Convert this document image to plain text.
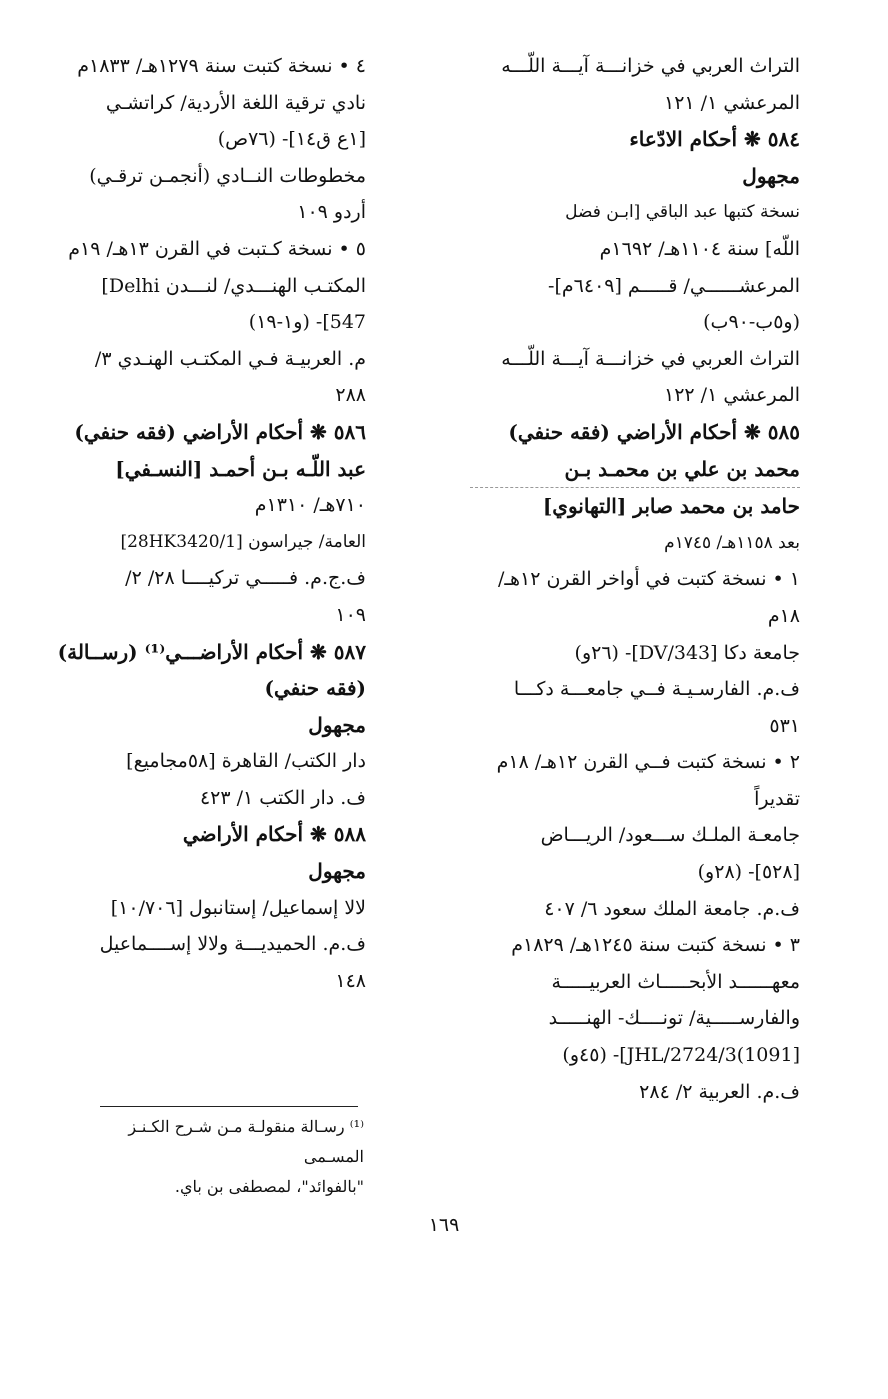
التراث العربي في خزانـــة آيـــة اللّـــه
المرعشي ١/ ١٢١
٥٨٤ ❋ أحكام الادّعاء
مجهول
نسخة كتبها عبد الباقي [ابـن فضل
اللّه] سنة ١١٠٤هـ/ ١٦٩٢م
المرعشــــــي/ قـــــم [٦٤٠٩م]-
(و٥ب-٩٠ب)
التراث العربي في خزانـــة آيـــة اللّـــه
المرعشي ١/ ١٢٢
٥٨٥ ❋ أحكام الأراضي (فقه حنفي)
محمد بن علي بن محمـد بـن
حامد بن محمد صابر [التهانوي]
بعد ١١٥٨هـ/ ١٧٤٥م
١ • نسخة كتبت في أواخر القرن ١٢هـ/
١٨م
جامعة دكا [DV/343]- (٢٦و)
ف.م. الفارسـيـة فــي جامعـــة دكـــا
٥٣١
٢ • نسخة كتبت فــي القرن ١٢هـ/ ١٨م
تقديراً
جامعـة الملـك ســـعود/ الريـــاض
[٥٢٨]- (٢٨و)
ف.م. جامعة الملك سعود ٦/ ٤٠٧
٣ • نسخة كتبت سنة ١٢٤٥هـ/ ١٨٢٩م
معهــــــد الأبحـــــاث العربيـــــة
والفارســـــية/ تونــــك- الهنـــــد
[1091)JHL/2724/3]- (٤٥و)
ف.م. العربية ٢/ ٢٨٤
٤ • نسخة كتبت سنة ١٢٧٩هـ/ ١٨٣٣م
نادي ترقية اللغة الأردية/ كراتشـي
[١ع ق١٤]- (٧٦ص)
مخطوطات النــادي (أنجمـن ترقـي)
أردو ١٠٩
٥ • نسخة كـتبت في القرن ١٣هـ/ ١٩م
المكتـب الهنـــدي/ لنـــدن Delhi]
547]- (و١-١٩)
م. العربيـة فـي المكتـب الهنـدي ٣/
٢٨٨
٥٨٦ ❋ أحكام الأراضي (فقه حنفي)
عبد اللّـه بـن أحمـد [النسـفي]
٧١٠هـ/ ١٣١٠م
العامة/ جيراسون [28HK3420/1]
ف.ج.م. فـــــي تركيــــا ٢٨/ ٢/
١٠٩
٥٨٧ ❋ أحكام الأراضـــي⁽¹⁾ (رســالة)
(فقه حنفي)
مجهول
دار الكتب/ القاهرة [٥٨مجاميع]
ف. دار الكتب ١/ ٤٢٣
٥٨٨ ❋ أحكام الأراضي
مجهول
لالا إسماعيل/ إستانبول [١٠/٧٠٦]
ف.م. الحميديـــة ولالا إســــماعيل
١٤٨
⁽¹⁾ رسـالة منقولـة مـن شـرح الكـنـز المسـمى
"بالفوائد"، لمصطفى بن باي.
١٦٩
